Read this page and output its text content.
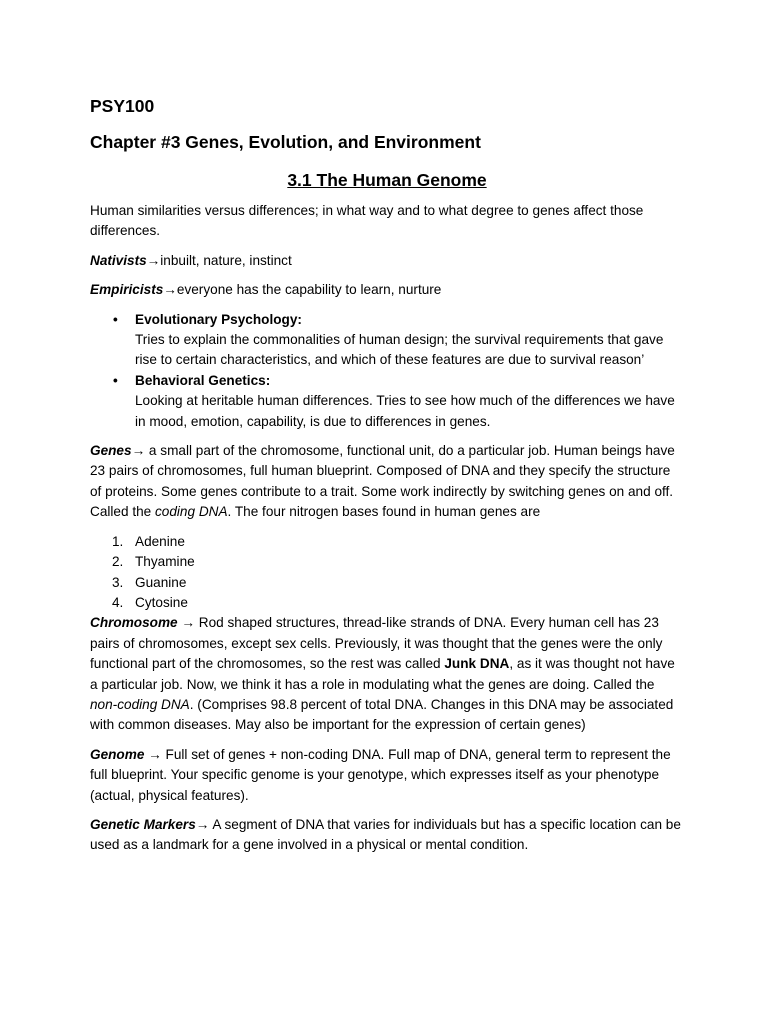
PSY100
Chapter #3 Genes, Evolution, and Environment
3.1 The Human Genome

Human similarities versus differences; in what way and to what degree to genes affect those differences.

Nativists→inbuilt, nature, instinct

Empiricists→everyone has the capability to learn, nurture

• Evolutionary Psychology:
Tries to explain the commonalities of human design; the survival requirements that gave rise to certain characteristics, and which of these features are due to survival reason’
• Behavioral Genetics:
Looking at heritable human differences. Tries to see how much of the differences we have in mood, emotion, capability, is due to differences in genes.

Genes→ a small part of the chromosome, functional unit, do a particular job. Human beings have 23 pairs of chromosomes, full human blueprint. Composed of DNA and they specify the structure of proteins. Some genes contribute to a trait. Some work indirectly by switching genes on and off. Called the coding DNA. The four nitrogen bases found in human genes are

1. Adenine
2. Thyamine
3. Guanine
4. Cytosine

Chromosome → Rod shaped structures, thread-like strands of DNA. Every human cell has 23 pairs of chromosomes, except sex cells. Previously, it was thought that the genes were the only functional part of the chromosomes, so the rest was called Junk DNA, as it was thought not have a particular job. Now, we think it has a role in modulating what the genes are doing. Called the non-coding DNA. (Comprises 98.8 percent of total DNA. Changes in this DNA may be associated with common diseases. May also be important for the expression of certain genes)

Genome → Full set of genes + non-coding DNA. Full map of DNA, general term to represent the full blueprint. Your specific genome is your genotype, which expresses itself as your phenotype (actual, physical features).

Genetic Markers→ A segment of DNA that varies for individuals but has a specific location can be used as a landmark for a gene involved in a physical or mental condition.
